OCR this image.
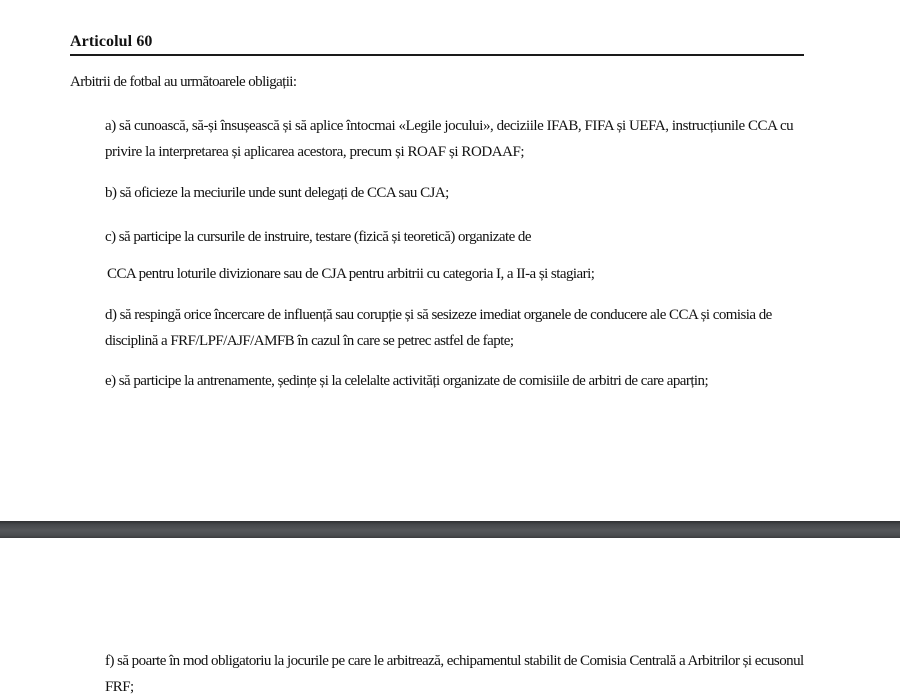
Articolul 60
Arbitrii de fotbal au următoarele obligații:

a) să cunoască, să-și însușească și să aplice întocmai «Legile jocului», deciziile IFAB, FIFA și UEFA, instrucțiunile CCA cu privire la interpretarea și aplicarea acestora, precum și ROAF și RODAAF;

b) să oficieze la meciurile unde sunt delegați de CCA sau CJA;

c) să participe la cursurile de instruire, testare (fizică și teoretică) organizate de

CCA pentru loturile divizionare sau de CJA pentru arbitrii cu categoria I, a II-a și stagiari;

d) să respingă orice încercare de influență sau corupție și să sesizeze imediat organele de conducere ale CCA și comisia de disciplină a FRF/LPF/AJF/AMFB în cazul în care se petrec astfel de fapte;

e) să participe la antrenamente, ședințe și la celelalte activități organizate de comisiile de arbitri de care aparțin;

f) să poarte în mod obligatoriu la jocurile pe care le arbitrează, echipamentul stabilit de Comisia Centrală a Arbitrilor și ecusonul FRF;
